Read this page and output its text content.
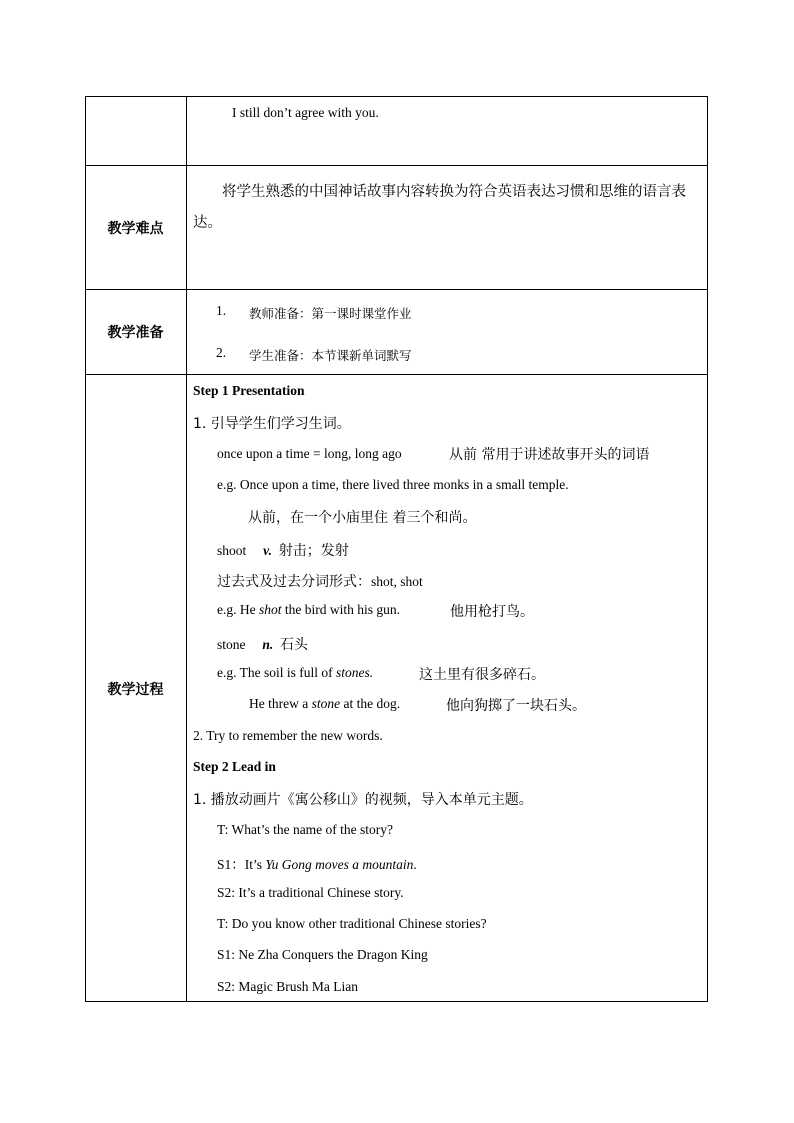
I still don’t agree with you.
教学难点
将学生熟悉的中国神话故事内容转换为符合英语表达习惯和思维的语言表达。
教学准备
1. 教师准备：第一课时课堂作业
2. 学生准备：本节课新单词默写
教学过程
Step 1 Presentation
1. 引导学生们学习生词。
once upon a time = long, long ago	从前 常用于讲述故事开头的词语
e.g. Once upon a time, there lived three monks in a small temple.
从前，在一个小庙里住 着三个和尚。
shoot v. 射击；发射
过去式及过去分词形式：shot, shot
e.g. He shot the bird with his gun.	他用枪打鸟。
stone n. 石头
e.g. The soil is full of stones.	这土里有很多碎石。
He threw a stone at the dog.	他向狗掷了一块石头。
2. Try to remember the new words.
Step 2 Lead in
1. 播放动画片《寓公移山》的视频，导入本单元主题。
T: What’s the name of the story?
S1：It’s Yu Gong moves a mountain.
S2: It’s a traditional Chinese story.
T: Do you know other traditional Chinese stories?
S1: Ne Zha Conquers the Dragon King
S2: Magic Brush Ma Lian
